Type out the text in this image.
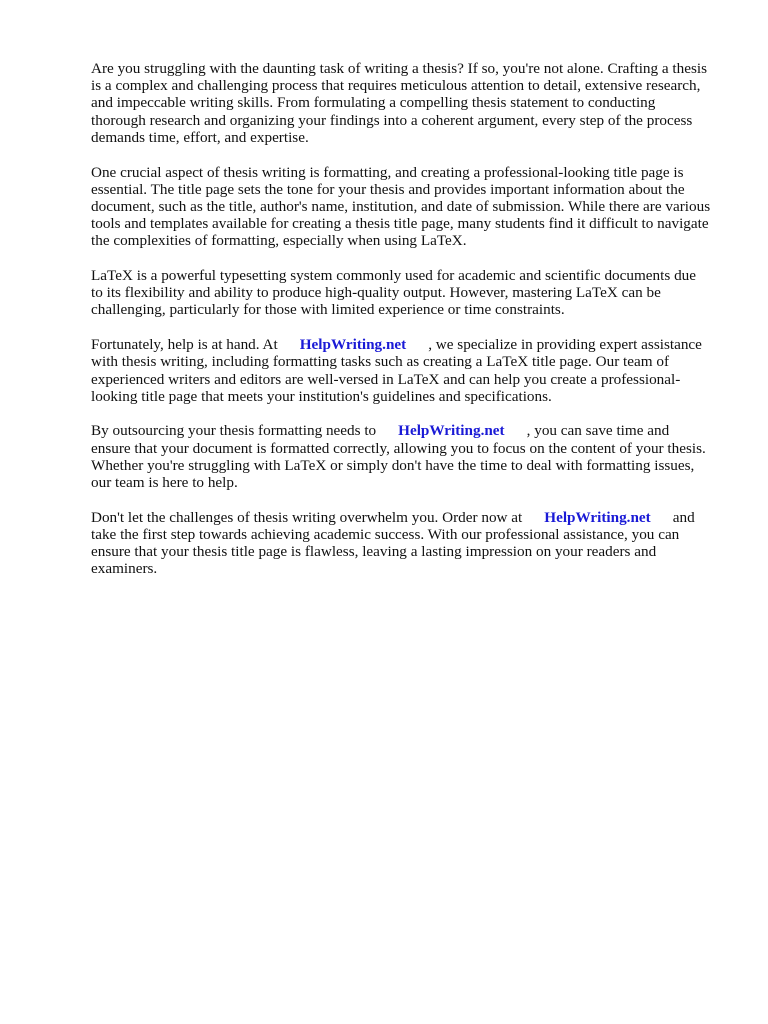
Are you struggling with the daunting task of writing a thesis? If so, you're not alone. Crafting a thesis is a complex and challenging process that requires meticulous attention to detail, extensive research, and impeccable writing skills. From formulating a compelling thesis statement to conducting thorough research and organizing your findings into a coherent argument, every step of the process demands time, effort, and expertise.

One crucial aspect of thesis writing is formatting, and creating a professional-looking title page is essential. The title page sets the tone for your thesis and provides important information about the document, such as the title, author's name, institution, and date of submission. While there are various tools and templates available for creating a thesis title page, many students find it difficult to navigate the complexities of formatting, especially when using LaTeX.

LaTeX is a powerful typesetting system commonly used for academic and scientific documents due to its flexibility and ability to produce high-quality output. However, mastering LaTeX can be challenging, particularly for those with limited experience or time constraints.

Fortunately, help is at hand. At HelpWriting.net , we specialize in providing expert assistance with thesis writing, including formatting tasks such as creating a LaTeX title page. Our team of experienced writers and editors are well-versed in LaTeX and can help you create a professional-looking title page that meets your institution's guidelines and specifications.

By outsourcing your thesis formatting needs to HelpWriting.net , you can save time and ensure that your document is formatted correctly, allowing you to focus on the content of your thesis. Whether you're struggling with LaTeX or simply don't have the time to deal with formatting issues, our team is here to help.

Don't let the challenges of thesis writing overwhelm you. Order now at HelpWriting.net and take the first step towards achieving academic success. With our professional assistance, you can ensure that your thesis title page is flawless, leaving a lasting impression on your readers and examiners.
